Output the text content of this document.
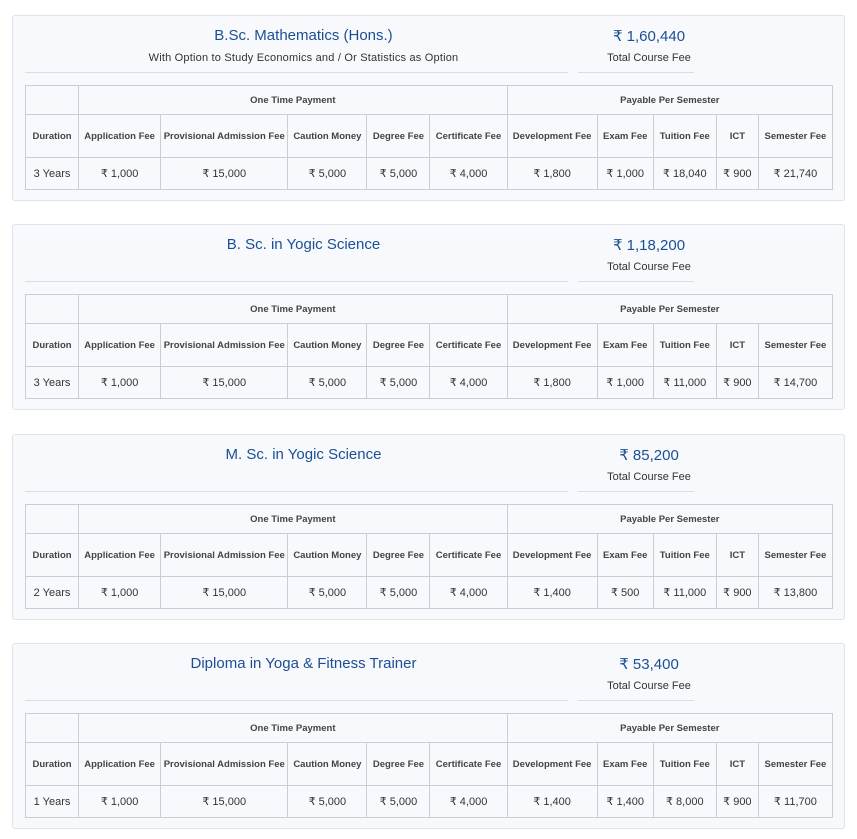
B.Sc. Mathematics (Hons.)
With Option to Study Economics and / Or Statistics as Option
₹ 1,60,440
Total Course Fee
	One Time Payment					Payable Per Semester				
Duration	Application Fee	Provisional Admission Fee	Caution Money	Degree Fee	Certificate Fee	Development Fee	Exam Fee	Tuition Fee	ICT	Semester Fee
3 Years	₹ 1,000	₹ 15,000	₹ 5,000	₹ 5,000	₹ 4,000	₹ 1,800	₹ 1,000	₹ 18,040	₹ 900	₹ 21,740
B. Sc. in Yogic Science	₹ 1,18,200
Total Course Fee
	One Time Payment					Payable Per Semester				
Duration	Application Fee	Provisional Admission Fee	Caution Money	Degree Fee	Certificate Fee	Development Fee	Exam Fee	Tuition Fee	ICT	Semester Fee
3 Years	₹ 1,000	₹ 15,000	₹ 5,000	₹ 5,000	₹ 4,000	₹ 1,800	₹ 1,000	₹ 11,000	₹ 900	₹ 14,700
M. Sc. in Yogic Science	₹ 85,200
Total Course Fee
	One Time Payment					Payable Per Semester				
Duration	Application Fee	Provisional Admission Fee	Caution Money	Degree Fee	Certificate Fee	Development Fee	Exam Fee	Tuition Fee	ICT	Semester Fee
2 Years	₹ 1,000	₹ 15,000	₹ 5,000	₹ 5,000	₹ 4,000	₹ 1,400	₹ 500	₹ 11,000	₹ 900	₹ 13,800
Diploma in Yoga & Fitness Trainer	₹ 53,400
Total Course Fee
	One Time Payment					Payable Per Semester				
Duration	Application Fee	Provisional Admission Fee	Caution Money	Degree Fee	Certificate Fee	Development Fee	Exam Fee	Tuition Fee	ICT	Semester Fee
1 Years	₹ 1,000	₹ 15,000	₹ 5,000	₹ 5,000	₹ 4,000	₹ 1,400	₹ 1,400	₹ 8,000	₹ 900	₹ 11,700
